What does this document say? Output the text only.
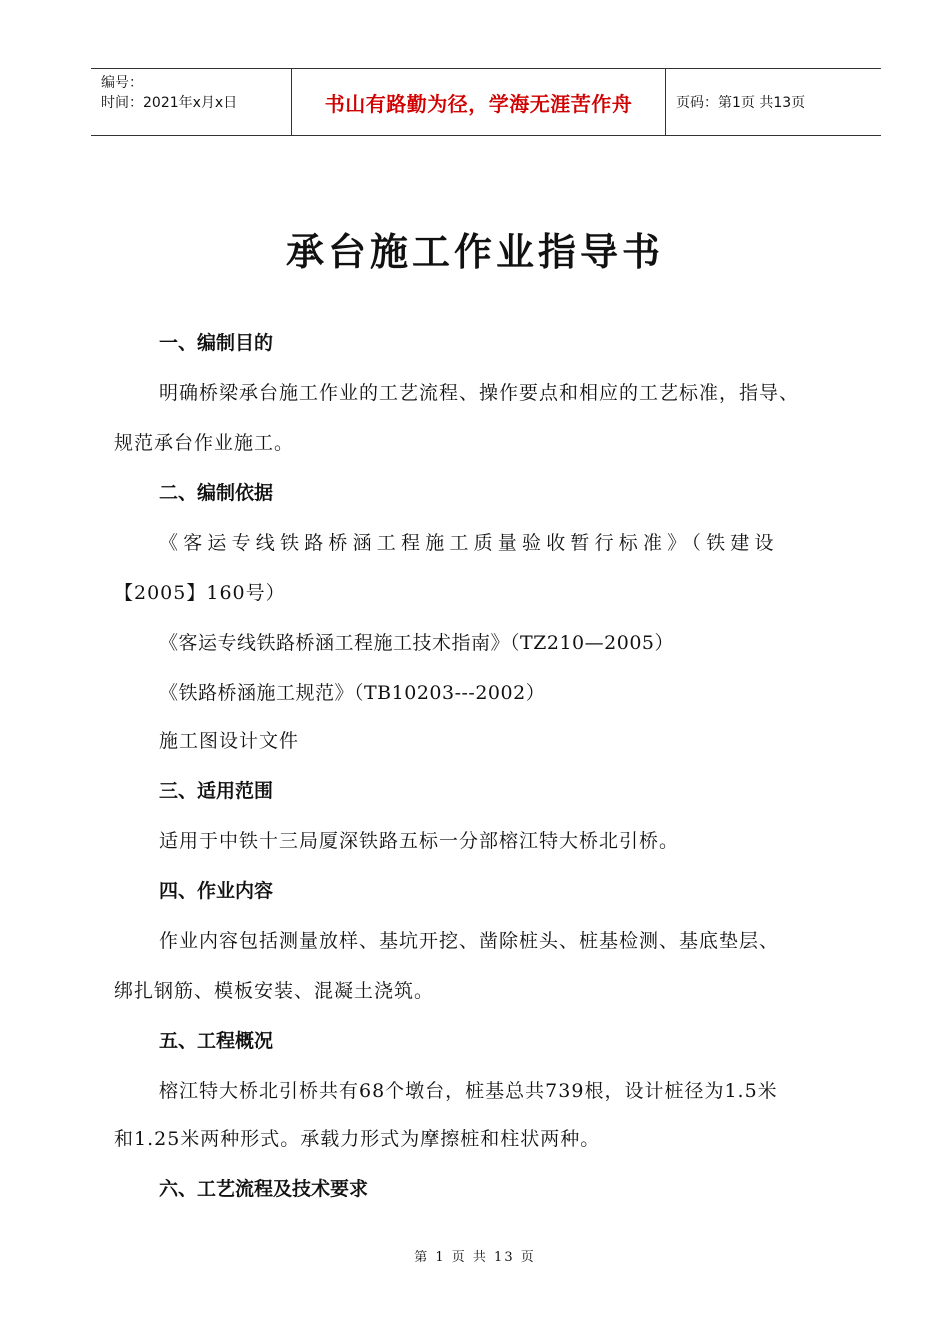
编号：
时间：2021年x月x日	书山有路勤为径，学海无涯苦作舟	页码：第1页 共13页
承台施工作业指导书
一、编制目的
明确桥梁承台施工作业的工艺流程、操作要点和相应的工艺标准，指导、
规范承台作业施工。
二、编制依据
《客运专线铁路桥涵工程施工质量验收暂行标准》（铁建设
【2005】160号）
《客运专线铁路桥涵工程施工技术指南》（TZ210—2005）
《铁路桥涵施工规范》（TB10203---2002）
施工图设计文件
三、适用范围
适用于中铁十三局厦深铁路五标一分部榕江特大桥北引桥。
四、作业内容
作业内容包括测量放样、基坑开挖、凿除桩头、桩基检测、基底垫层、
绑扎钢筋、模板安装、混凝土浇筑。
五、工程概况
榕江特大桥北引桥共有68个墩台，桩基总共739根，设计桩径为1.5米
和1.25米两种形式。承载力形式为摩擦桩和柱状两种。
六、工艺流程及技术要求
第 1 页 共 13 页
